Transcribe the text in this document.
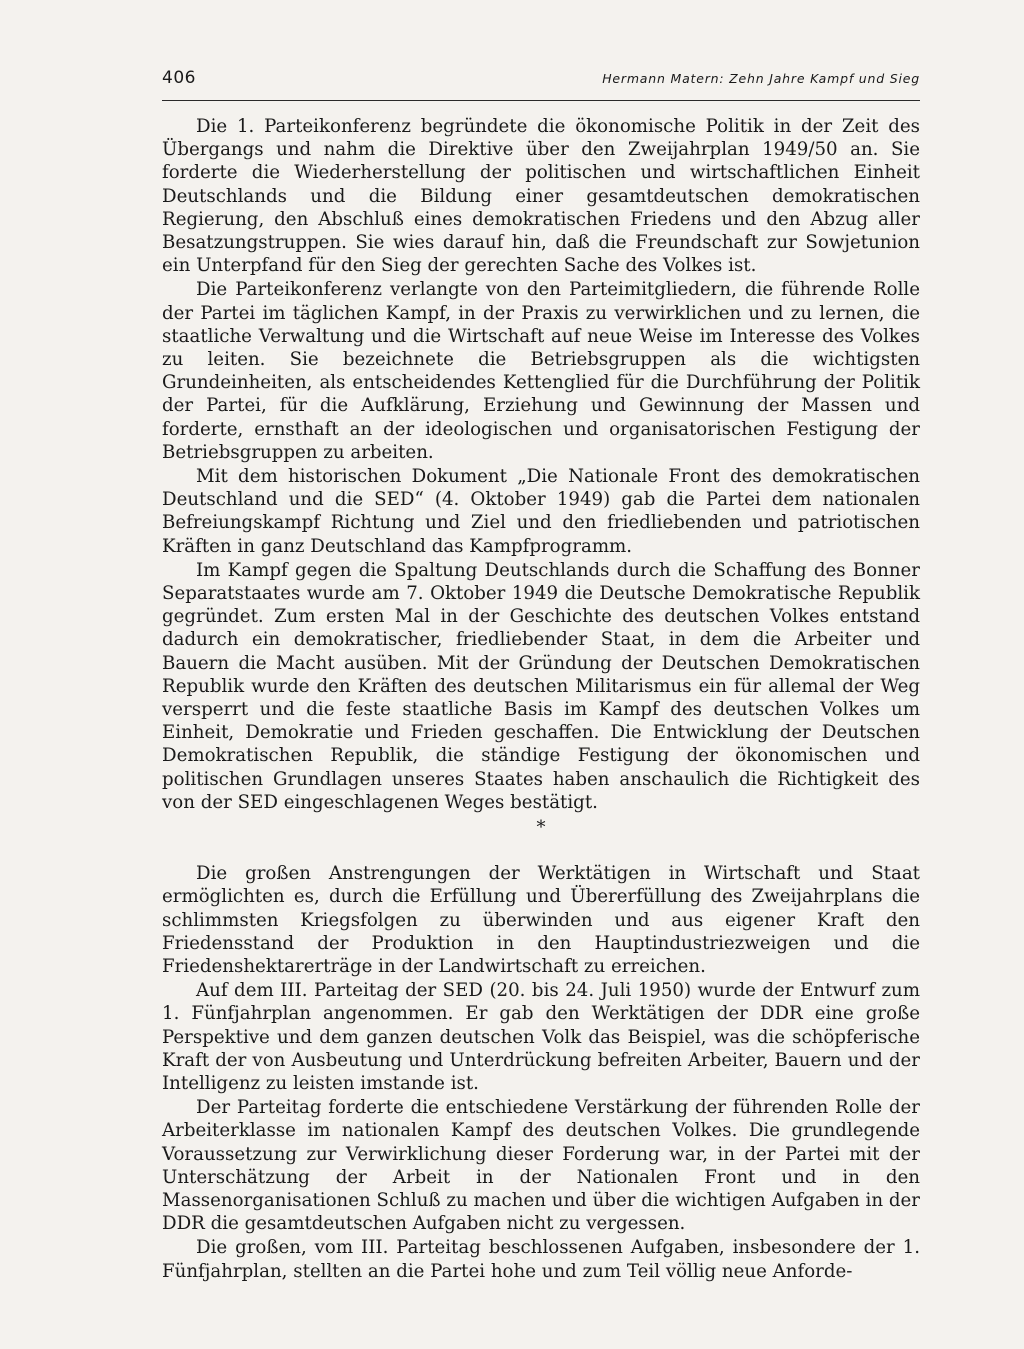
406	Hermann Matern: Zehn Jahre Kampf und Sieg

Die 1. Parteikonferenz begründete die ökonomische Politik in der Zeit des Übergangs und nahm die Direktive über den Zweijahrplan 1949/50 an. Sie forderte die Wiederherstellung der politischen und wirtschaftlichen Einheit Deutschlands und die Bildung einer gesamtdeutschen demokratischen Regierung, den Abschluß eines demokratischen Friedens und den Abzug aller Besatzungstruppen. Sie wies darauf hin, daß die Freundschaft zur Sowjetunion ein Unterpfand für den Sieg der gerechten Sache des Volkes ist.

Die Parteikonferenz verlangte von den Parteimitgliedern, die führende Rolle der Partei im täglichen Kampf, in der Praxis zu verwirklichen und zu lernen, die staatliche Verwaltung und die Wirtschaft auf neue Weise im Interesse des Volkes zu leiten. Sie bezeichnete die Betriebsgruppen als die wichtigsten Grundeinheiten, als entscheidendes Kettenglied für die Durchführung der Politik der Partei, für die Aufklärung, Erziehung und Gewinnung der Massen und forderte, ernsthaft an der ideologischen und organisatorischen Festigung der Betriebsgruppen zu arbeiten.

Mit dem historischen Dokument „Die Nationale Front des demokratischen Deutschland und die SED“ (4. Oktober 1949) gab die Partei dem nationalen Befreiungskampf Richtung und Ziel und den friedliebenden und patriotischen Kräften in ganz Deutschland das Kampfprogramm.

Im Kampf gegen die Spaltung Deutschlands durch die Schaffung des Bonner Separatstaates wurde am 7. Oktober 1949 die Deutsche Demokratische Republik gegründet. Zum ersten Mal in der Geschichte des deutschen Volkes entstand dadurch ein demokratischer, friedliebender Staat, in dem die Arbeiter und Bauern die Macht ausüben. Mit der Gründung der Deutschen Demokratischen Republik wurde den Kräften des deutschen Militarismus ein für allemal der Weg versperrt und die feste staatliche Basis im Kampf des deutschen Volkes um Einheit, Demokratie und Frieden geschaffen. Die Entwicklung der Deutschen Demokratischen Republik, die ständige Festigung der ökonomischen und politischen Grundlagen unseres Staates haben anschaulich die Richtigkeit des von der SED eingeschlagenen Weges bestätigt.

*

Die großen Anstrengungen der Werktätigen in Wirtschaft und Staat ermöglichten es, durch die Erfüllung und Übererfüllung des Zweijahrplans die schlimmsten Kriegsfolgen zu überwinden und aus eigener Kraft den Friedensstand der Produktion in den Hauptindustriezweigen und die Friedenshektarerträge in der Landwirtschaft zu erreichen.

Auf dem III. Parteitag der SED (20. bis 24. Juli 1950) wurde der Entwurf zum 1. Fünfjahrplan angenommen. Er gab den Werktätigen der DDR eine große Perspektive und dem ganzen deutschen Volk das Beispiel, was die schöpferische Kraft der von Ausbeutung und Unterdrückung befreiten Arbeiter, Bauern und der Intelligenz zu leisten imstande ist.

Der Parteitag forderte die entschiedene Verstärkung der führenden Rolle der Arbeiterklasse im nationalen Kampf des deutschen Volkes. Die grundlegende Voraussetzung zur Verwirklichung dieser Forderung war, in der Partei mit der Unterschätzung der Arbeit in der Nationalen Front und in den Massenorganisationen Schluß zu machen und über die wichtigen Aufgaben in der DDR die gesamtdeutschen Aufgaben nicht zu vergessen.

Die großen, vom III. Parteitag beschlossenen Aufgaben, insbesondere der 1. Fünfjahrplan, stellten an die Partei hohe und zum Teil völlig neue Anforde-
